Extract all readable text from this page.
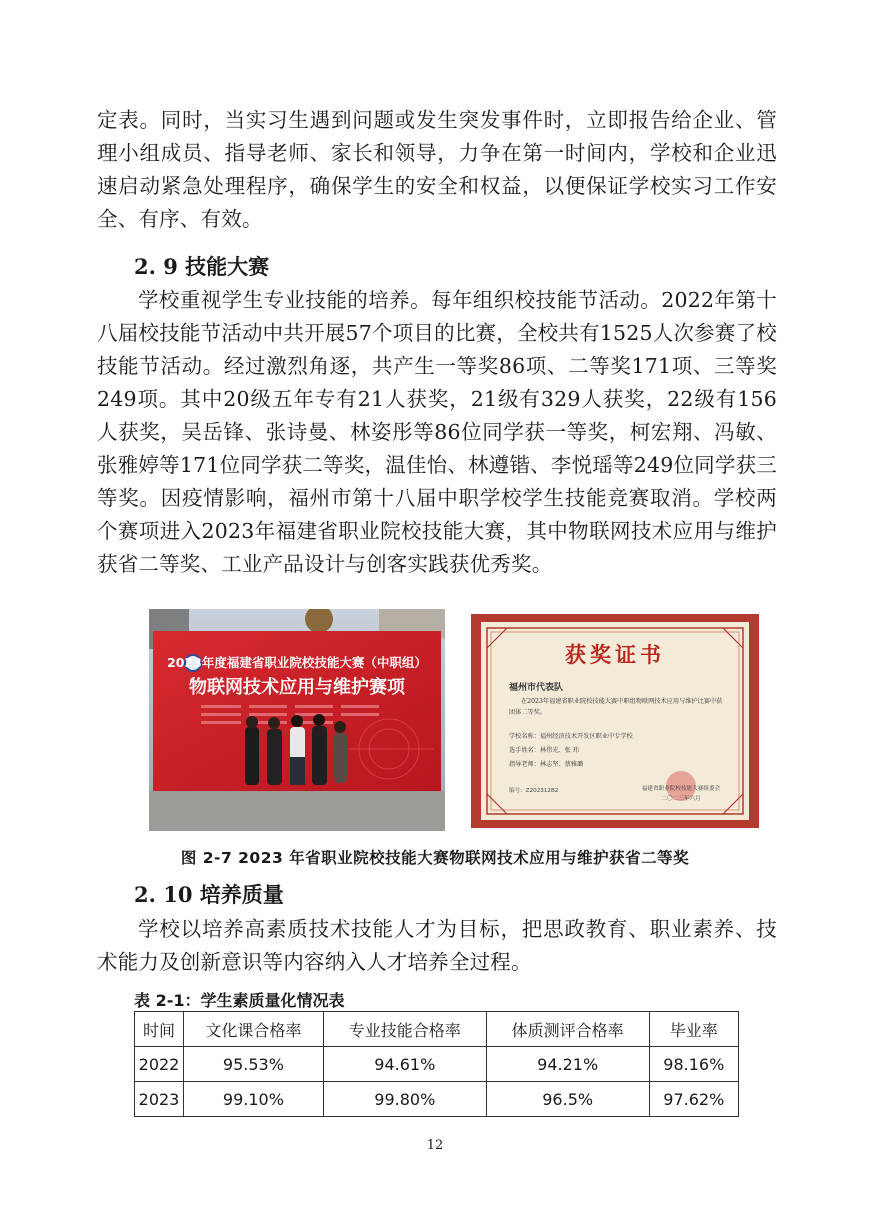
定表。同时，当实习生遇到问题或发生突发事件时，立即报告给企业、管理小组成员、指导老师、家长和领导，力争在第一时间内，学校和企业迅速启动紧急处理程序，确保学生的安全和权益，以便保证学校实习工作安全、有序、有效。

2. 9 技能大赛

学校重视学生专业技能的培养。每年组织校技能节活动。2022年第十八届校技能节活动中共开展57个项目的比赛，全校共有1525人次参赛了校技能节活动。经过激烈角逐，共产生一等奖86项、二等奖171项、三等奖249项。其中20级五年专有21人获奖，21级有329人获奖，22级有156人获奖，吴岳锋、张诗曼、林姿彤等86位同学获一等奖，柯宏翔、冯敏、张雅婷等171位同学获二等奖，温佳怡、林遵锴、李悦瑶等249位同学获三等奖。因疫情影响，福州市第十八届中职学校学生技能竞赛取消。学校两个赛项进入2023年福建省职业院校技能大赛，其中物联网技术应用与维护获省二等奖、工业产品设计与创客实践获优秀奖。

2023年度福建省职业院校技能大赛（中职组）
物联网技术应用与维护赛项
获奖证书
福州市代表队
在2023年福建省职业院校技能大赛中职组物联网技术应用与维护比赛中获团体二等奖。
学校名称：福州经济技术开发区职业中专学校
选手姓名：林伟光、张 玮
指导老师：林志坚、蔡雅璐
编号：Z202312B2	福建省职业院校技能大赛组委会
二〇二三年六月
图 2-7 2023 年省职业院校技能大赛物联网技术应用与维护获省二等奖
2. 10 培养质量

学校以培养高素质技术技能人才为目标，把思政教育、职业素养、技术能力及创新意识等内容纳入人才培养全过程。

表 2-1：学生素质量化情况表
时间	文化课合格率	专业技能合格率	体质测评合格率	毕业率
2022	95.53%	94.61%	94.21%	98.16%
2023	99.10%	99.80%	96.5%	97.62%
12
